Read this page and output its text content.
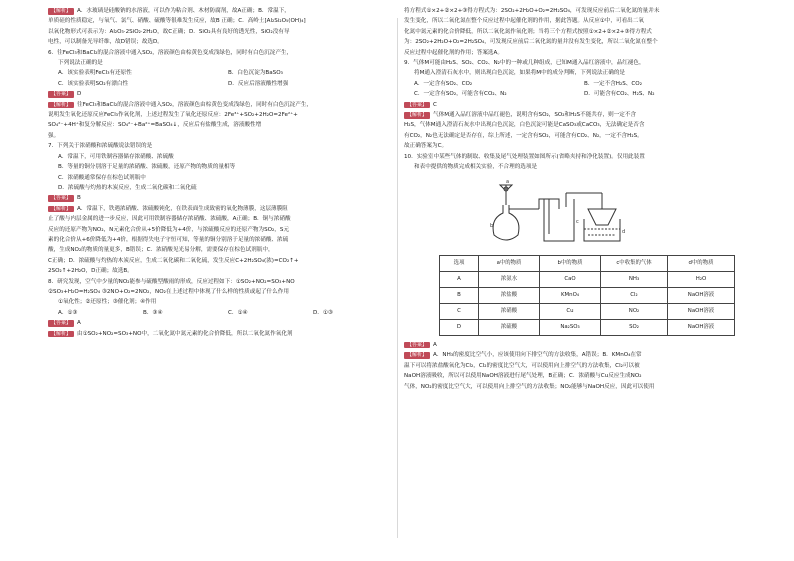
【解析】 A．水玻璃是硅酸钠的水溶液，可以作为粘合剂、木材防腐剂，故A正确；B．常温下，
单质硅的性质稳定，与氧气、氯气、硝酸、硫酸等很难发生反应，故B 正确；C．高岭土[Al₂Si₂O₅(OH)₄]
以氧化物形式可表示为：Al₂O₃·2SiO₂·2H₂O，故C正确；D．SiO₂具有良好的透光性，SiO₂没有导
电性，可以制备光导纤维，故D错误；故选D。
6．往FeCl₃和BaCl₂的混合溶液中通入SO₂，溶液颜色由棕黄色变成浅绿色，同时有白色沉淀产生，
下列说法正确的是
A．该实验表明FeCl₃有还原性	B．白色沉淀为BaSO₃
C．该实验表明SO₂有漂白性	D．反应后溶液酸性增强
【答案】 D
【解析】 往FeCl₃和BaCl₂的混合溶液中通入SO₂，溶液颜色由棕黄色变成浅绿色，同时有白色沉淀产生，
说明发生氧化还原反应FeCl₃作氧化剂，上述过程发生了氧化还原反应：2Fe³⁺+SO₂+2H₂O=2Fe²⁺+
SO₄²⁻+4H⁺和复分解反应：SO₄²⁻+Ba²⁺=BaSO₄↓，反应后有盐酸生成，溶液酸性增
强。
7．下列关于浓硝酸和浓硫酸说法错误的是
A．常温下，可用铁制容器储存浓硝酸、浓硫酸
B．等量的铜分别溶于足量的浓硝酸、浓硫酸，还原产物的物质的量相等
C．浓硝酸通常保存在棕色试剂瓶中
D．浓硫酸与灼热的木炭反应，生成二氧化碳和二氧化硫
【答案】 B
【解析】 A．常温下，铁遇浓硝酸、浓硫酸钝化，在铁表面生成致密的氧化物薄膜，这层薄膜阻
止了酸与内层金属的进一步反应，因此可用铁制容器储存浓硝酸、浓硫酸，A正确；B．铜与浓硝酸
反应的还原产物为NO₂，N元素化合价从+5价降低为+4价，与浓硫酸反应的还原产物为SO₂，S元
素的化合价从+6价降低为+4价，根据得失电子守恒可知，等量的铜分别溶于足量的浓硝酸、浓硫
酸，生成NO₂的物质的量更多，B错误；C．浓硝酸见光易分解，需要保存在棕色试剂瓶中，
C正确；D．浓硫酸与灼热的木炭反应，生成二氧化碳和二氧化硫，发生反应C+2H₂SO₄(浓)=CO₂↑+
2SO₂↑+2H₂O，D正确；故选B。
8．研究发现，空气中少量的NO₂能参与硫酸型酸雨的形成，反应过程如下：①SO₂+NO₂=SO₃+NO
②SO₃+H₂O=H₂SO₄ ③2NO+O₂=2NO₂，NO₂在上述过程中体现了什么样的性质或起了什么作用
①氧化性；②还原性；③催化剂；④作用
A．①③	B．③④	C．①④	D．①③
【答案】 A
【解析】 由①SO₂+NO₂=SO₃+NO中，二氧化氮中氮元素的化合价降低，所以二氧化氮作氧化剂
将方程式①×2+②×2+③得方程式为：2SO₂+2H₂O+O₂=2H₂SO₄，可发现反应前后二氧化氮的量并未
发生变化，所以二氧化氮在整个反应过程中起催化剂的作用，据此答题。从反应①中，可看出二氧
化氮中氮元素的化合价降低，所以二氧化氮作氧化剂；当将三个方程式按照①×2+②×2+③得方程式
为：2SO₂+2H₂O+O₂=2H₂SO₄，可发现反应前后二氧化氮的量并没有发生变化，所以二氧化氮在整个
反应过程中起催化剂的作用；答案选A。
9．气体M可能由H₂S、SO₂、CO₂、N₂中的一种或几种组成，已知M通入品红溶液中，品红褪色，
将M通入澄清石灰水中，则出现白色沉淀，如果将M中的成分判断，下列说法正确的是
A．一定含有SO₂、CO₂	B．一定不含H₂S、CO₂
C．一定含有SO₂，可能含有CO₂、N₂	D．可能含有CO₂、H₂S、N₂
【答案】 C
【解析】 气体M通入品红溶液中品红褪色，说明含有SO₂，SO₂和H₂S不能共存，则一定不含
H₂S，气体M通入澄清石灰水中出现白色沉淀，白色沉淀可能是CaSO₃或CaCO₃，无法确定是否含
有CO₂，N₂也无法确定是否存在，综上所述，一定含有SO₂，可能含有CO₂、N₂，一定不含H₂S。
故正确答案为C。
10．实验室中某些气体的制取、收集及尾气处理装置如图所示(省略夹持和净化装置)。仅用此装置
和表中提供的物质完成相关实验，不合理的选项是
a
b
c
d
选项	a中的物质	b中的物质	c中收集的气体	d中的物质
A	浓氨水	CaO	NH₃	H₂O
B	浓盐酸	KMnO₄	Cl₂	NaOH溶液
C	浓硝酸	Cu	NO₂	NaOH溶液
D	浓硫酸	Na₂SO₃	SO₂	NaOH溶液
【答案】 A
【解析】 A．NH₃的密度比空气小，应该使用向下排空气的方法收集，A错误；B．KMnO₄在常
温下可以将浓盐酸氧化为Cl₂，Cl₂的密度比空气大，可以使用向上排空气的方法收集，Cl₂可以被
NaOH溶液吸收，所以可以使用NaOH溶液进行尾气处理，B正确；C．浓硝酸与Cu反应生成NO₂
气体，NO₂的密度比空气大，可以使用向上排空气的方法收集；NO₂能够与NaOH反应，因此可以使用
